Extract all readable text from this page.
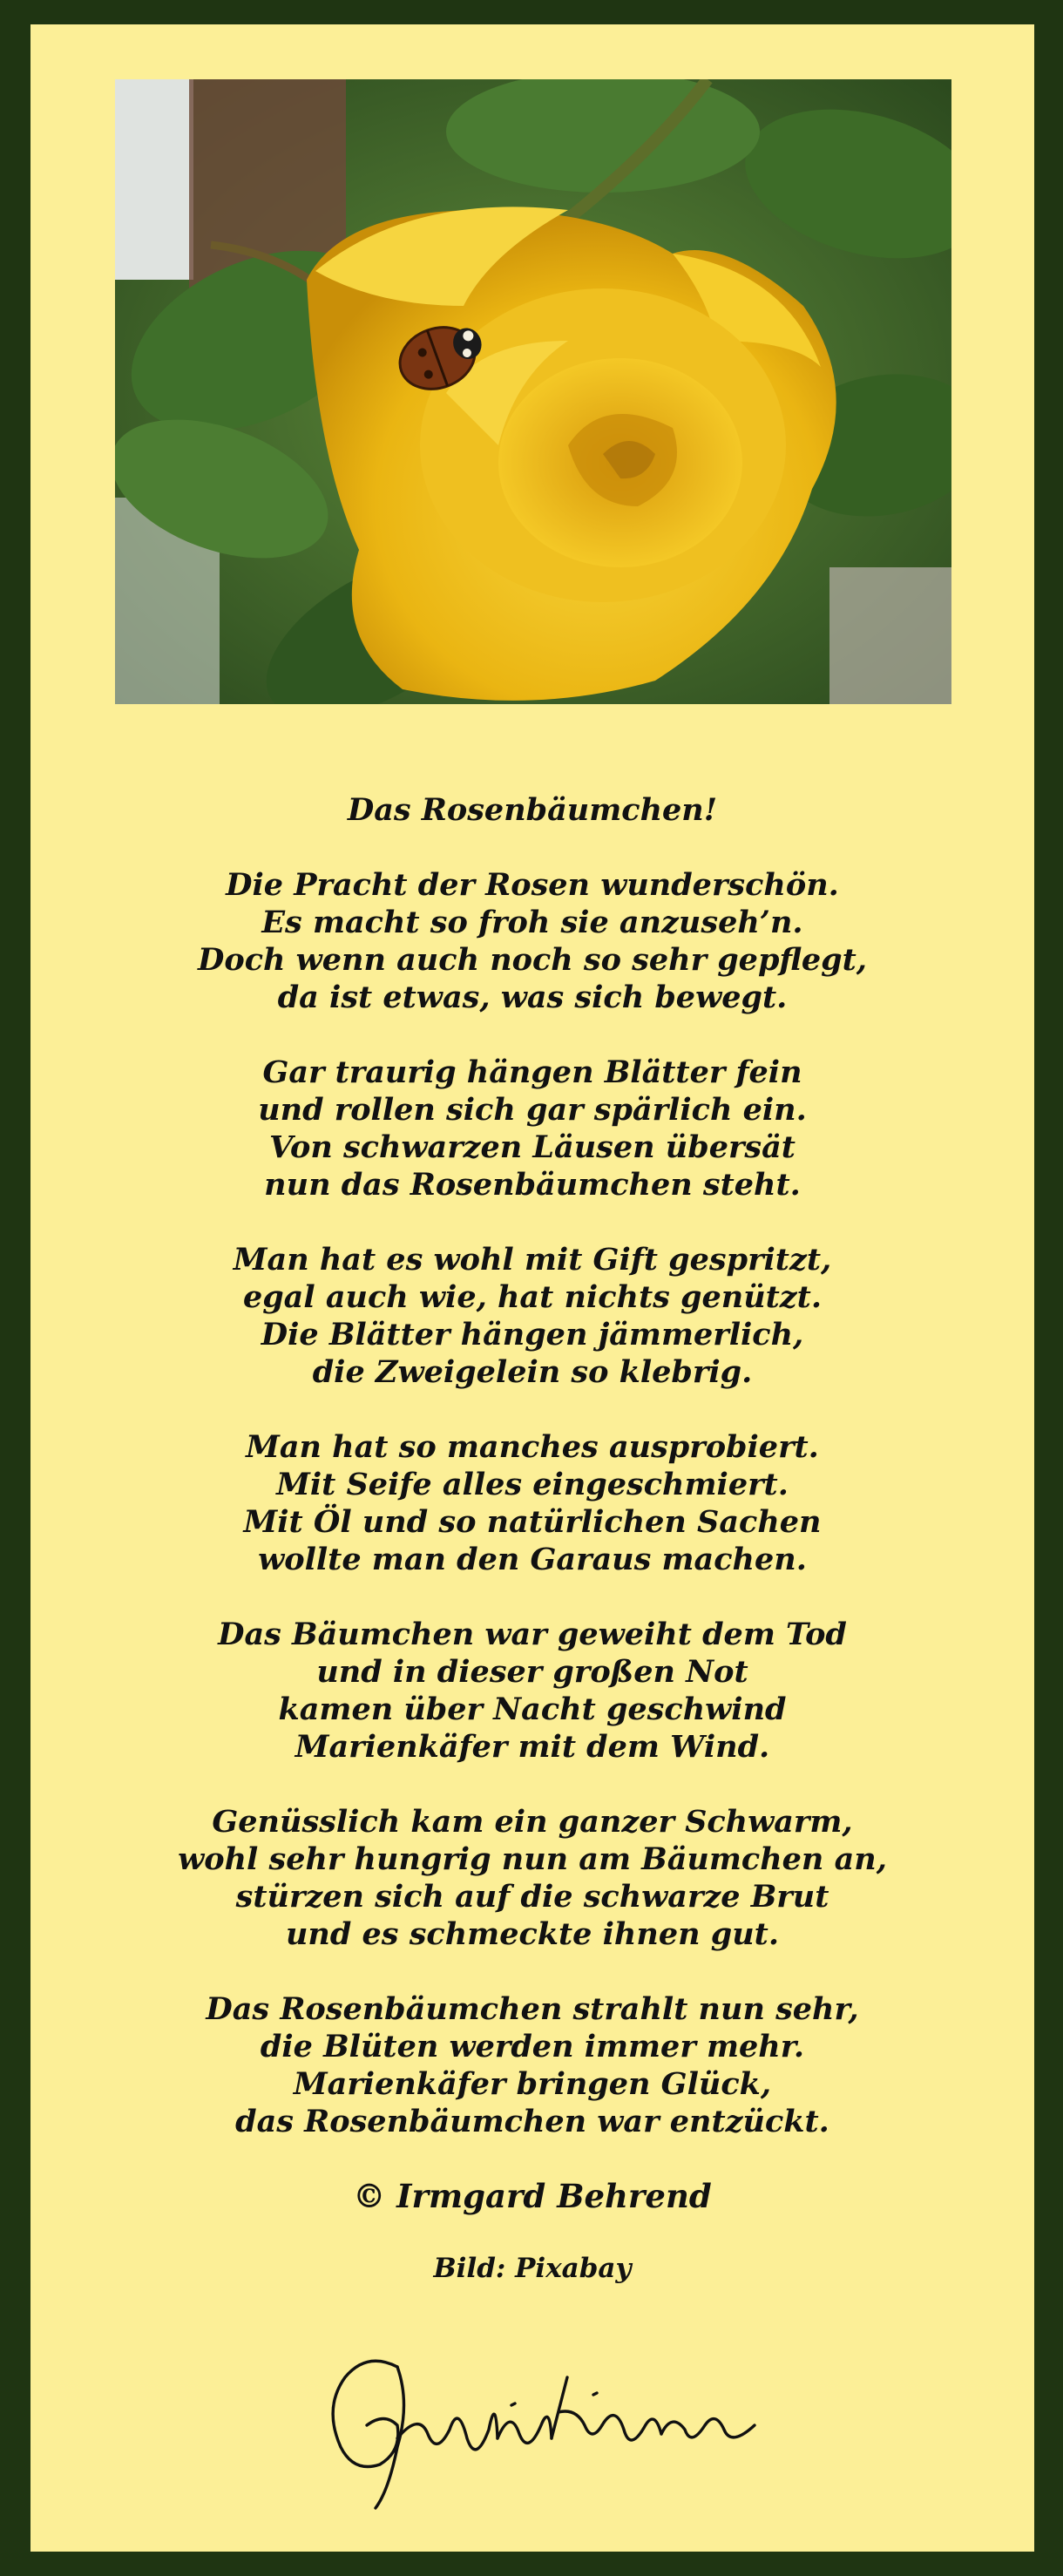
Das Rosenbäumchen!
Die Pracht der Rosen wunderschön.
Es macht so froh sie anzuseh’n.
Doch wenn auch noch so sehr gepflegt,
da ist etwas, was sich bewegt.
Gar traurig hängen Blätter fein
und rollen sich gar spärlich ein.
Von schwarzen Läusen übersät
nun das Rosenbäumchen steht.
Man hat es wohl mit Gift gespritzt,
egal auch wie, hat nichts genützt.
Die Blätter hängen jämmerlich,
die Zweigelein so klebrig.
Man hat so manches ausprobiert.
Mit Seife alles eingeschmiert.
Mit Öl und so natürlichen Sachen
wollte man den Garaus machen.
Das Bäumchen war geweiht dem Tod
und in dieser großen Not
kamen über Nacht geschwind
Marienkäfer mit dem Wind.
Genüsslich kam ein ganzer Schwarm,
wohl sehr hungrig nun am Bäumchen an,
stürzen sich auf die schwarze Brut
und es schmeckte ihnen gut.
Das Rosenbäumchen strahlt nun sehr,
die Blüten werden immer mehr.
Marienkäfer bringen Glück,
das Rosenbäumchen war entzückt.
© Irmgard Behrend
Bild: Pixabay
